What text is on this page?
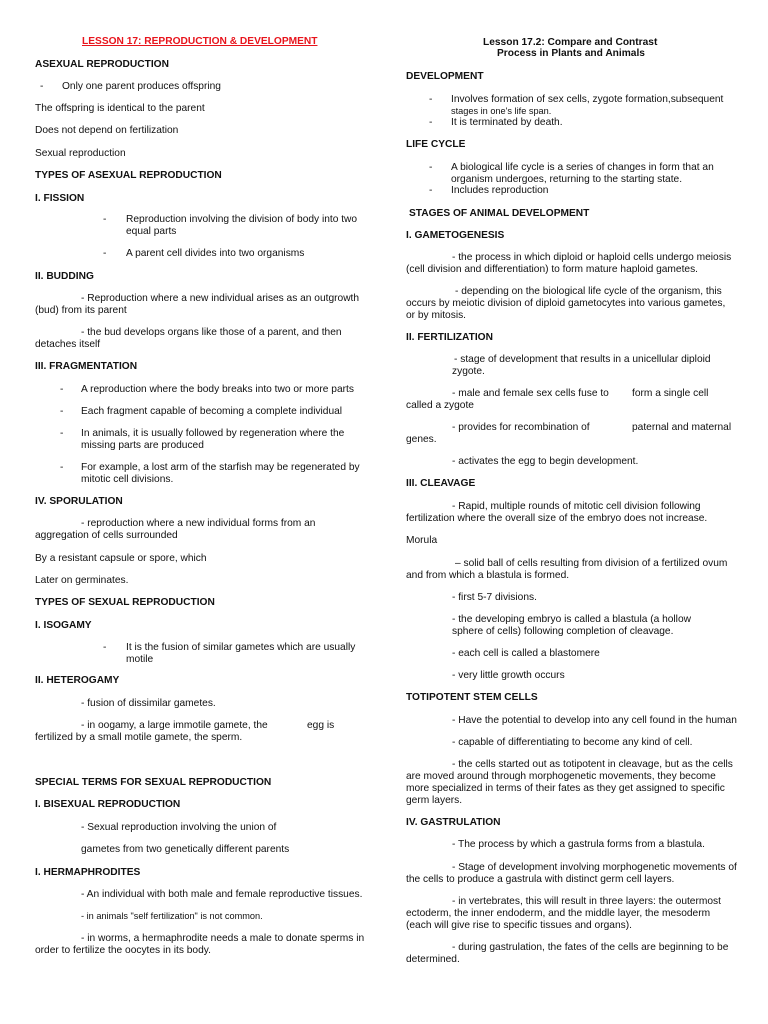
LESSON 17: REPRODUCTION & DEVELOPMENT
ASEXUAL REPRODUCTION
- Only one parent produces offspring
The offspring is identical to the parent
Does not depend on fertilization
Sexual reproduction
TYPES OF ASEXUAL REPRODUCTION
I. FISSION
- Reproduction involving the division of body into two equal parts
- A parent cell divides into two organisms
II. BUDDING
- Reproduction where a new individual arises as an outgrowth (bud) from its parent
- the bud develops organs like those of a parent, and then detaches itself
III. FRAGMENTATION
- A reproduction where the body breaks into two or more parts
- Each fragment capable of becoming a complete individual
- In animals, it is usually followed by regeneration where the missing parts are produced
- For example, a lost arm of the starfish may be regenerated by mitotic cell divisions.
IV. SPORULATION
- reproduction where a new individual forms from an aggregation of cells surrounded
By a resistant capsule or spore, which
Later on germinates.
TYPES OF SEXUAL REPRODUCTION
I. ISOGAMY
- It is the fusion of similar gametes which are usually motile
II. HETEROGAMY
- fusion of dissimilar gametes.
- in oogamy, a large immotile gamete, the	egg is
fertilized by a small motile gamete, the sperm.
SPECIAL TERMS FOR SEXUAL REPRODUCTION
I. BISEXUAL REPRODUCTION
- Sexual reproduction involving the union of
gametes from two genetically different parents
I. HERMAPHRODITES
- An individual with both male and female reproductive tissues.
- in animals "self fertilization" is not common.
- in worms, a hermaphrodite needs a male to donate sperms in
order to fertilize the oocytes in its body.
Lesson 17.2: Compare and Contrast
Process in Plants and Animals
DEVELOPMENT
- Involves formation of sex cells, zygote formation,subsequent
stages in one's life span.
- It is terminated by death.
LIFE CYCLE
- A biological life cycle is a series of changes in form that an organism undergoes, returning to the starting state.
- Includes reproduction
STAGES OF ANIMAL DEVELOPMENT
I. GAMETOGENESIS
- the process in which diploid or haploid cells undergo meiosis
(cell division and differentiation) to form mature haploid gametes.
- depending on the biological life cycle of the organism, this
occurs by meiotic division of diploid gametocytes into various gametes,
or by mitosis.
II. FERTILIZATION
- stage of development that results in a unicellular diploid
zygote.
- male and female sex cells fuse to form a single cell
called a zygote
- provides for recombination of	paternal and maternal
genes.
- activates the egg to begin development.
III. CLEAVAGE
- Rapid, multiple rounds of mitotic cell division following
fertilization where the overall size of the embryo does not increase.
Morula
– solid ball of cells resulting from division of a fertilized ovum
and from which a blastula is formed.
- first 5-7 divisions.
- the developing embryo is called a blastula (a hollow
sphere of cells) following completion of cleavage.
- each cell is called a blastomere
- very little growth occurs
TOTIPOTENT STEM CELLS
- Have the potential to develop into any cell found in the human
- capable of differentiating to become any kind of cell.
- the cells started out as totipotent in cleavage, but as the cells
are moved around through morphogenetic movements, they become
more specialized in terms of their fates as they get assigned to specific
germ layers.
IV. GASTRULATION
- The process by which a gastrula forms from a blastula.
- Stage of development involving morphogenetic movements of
the cells to produce a gastrula with distinct germ cell layers.
- in vertebrates, this will result in three layers: the outermost
ectoderm, the inner endoderm, and the middle layer, the mesoderm
(each will give rise to specific tissues and organs).
- during gastrulation, the fates of the cells are beginning to be
determined.
